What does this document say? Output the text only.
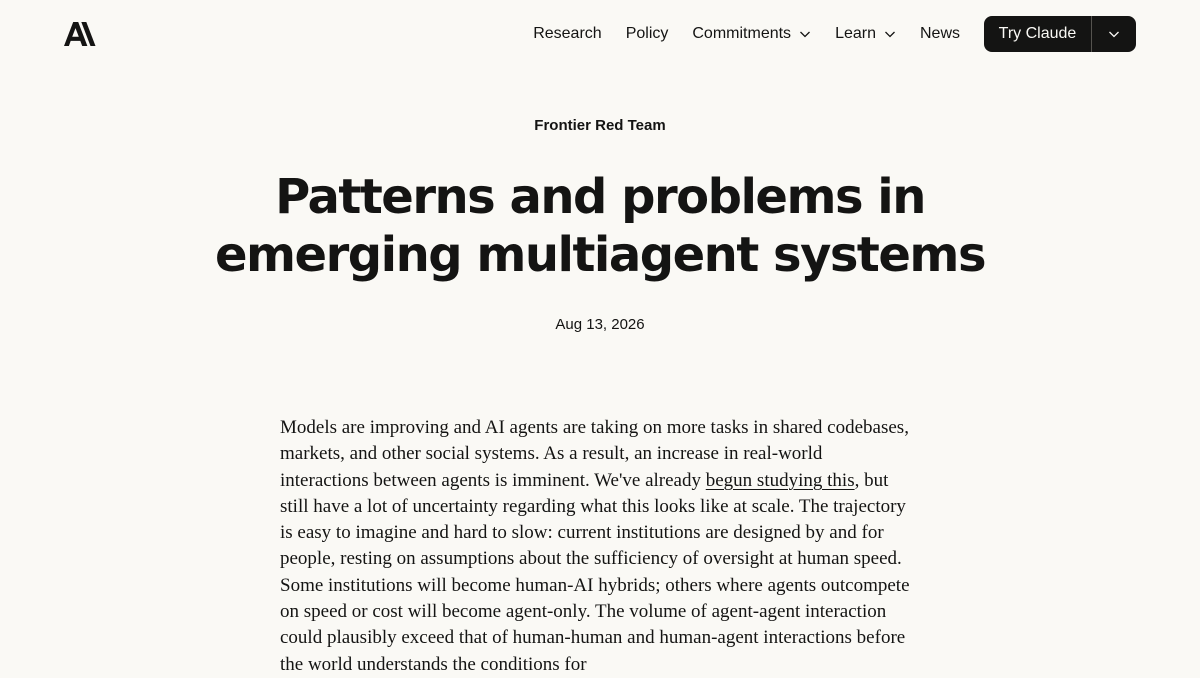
Research Policy Commitments	Learn	News	Try Claude
Frontier Red Team
Patterns and problems in emerging multiagent systems
Aug 13, 2026

Models are improving and AI agents are taking on more tasks in shared codebases, markets, and other social systems. As a result, an increase in real-world interactions between agents is imminent. We've already begun studying this, but still have a lot of uncertainty regarding what this looks like at scale. The trajectory is easy to imagine and hard to slow: current institutions are designed by and for people, resting on assumptions about the sufficiency of oversight at human speed. Some institutions will become human-AI hybrids; others where agents outcompete on speed or cost will become agent-only. The volume of agent-agent interaction could plausibly exceed that of human-human and human-agent interactions before the world understands the conditions for
